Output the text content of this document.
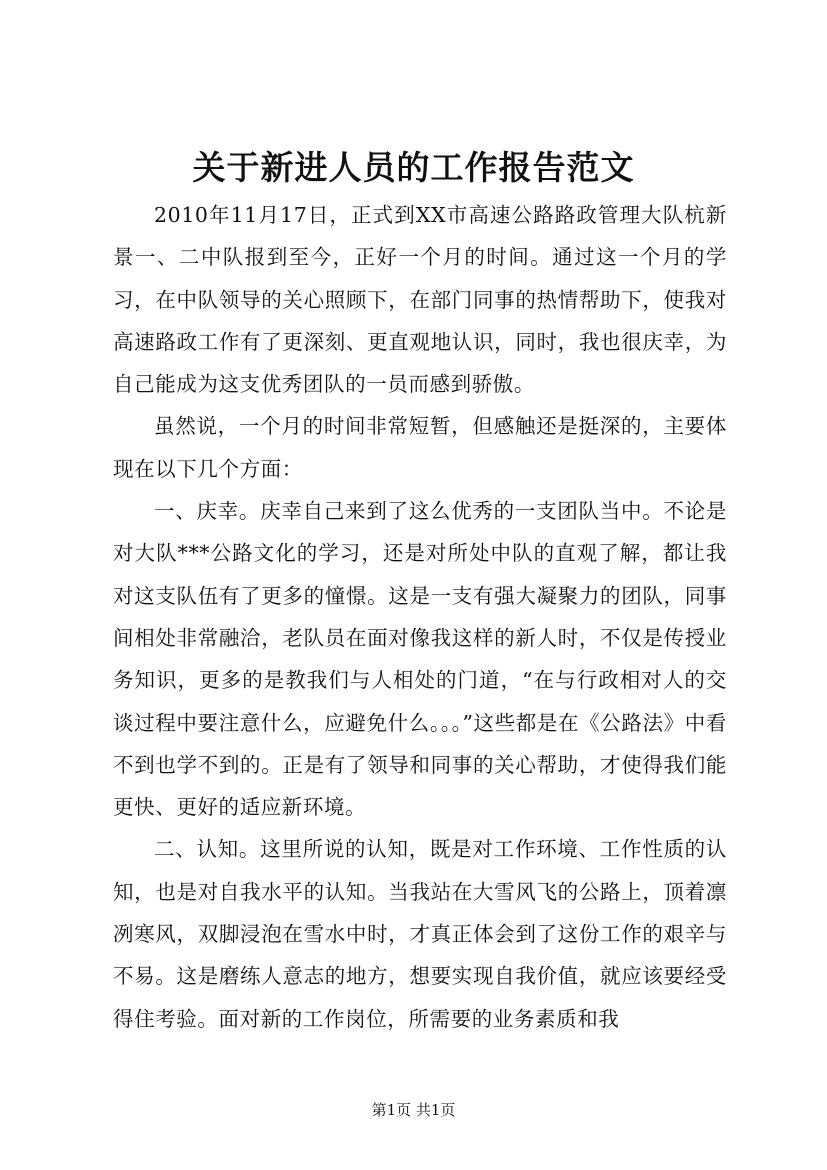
关于新进人员的工作报告范文

2010年11月17日，正式到XX市高速公路路政管理大队杭新景一、二中队报到至今，正好一个月的时间。通过这一个月的学习，在中队领导的关心照顾下，在部门同事的热情帮助下，使我对高速路政工作有了更深刻、更直观地认识，同时，我也很庆幸，为自己能成为这支优秀团队的一员而感到骄傲。

虽然说，一个月的时间非常短暂，但感触还是挺深的，主要体现在以下几个方面：

一、庆幸。庆幸自己来到了这么优秀的一支团队当中。不论是对大队***公路文化的学习，还是对所处中队的直观了解，都让我对这支队伍有了更多的憧憬。这是一支有强大凝聚力的团队，同事间相处非常融洽，老队员在面对像我这样的新人时，不仅是传授业务知识，更多的是教我们与人相处的门道，“在与行政相对人的交谈过程中要注意什么，应避免什么。。。”这些都是在《公路法》中看不到也学不到的。正是有了领导和同事的关心帮助，才使得我们能更快、更好的适应新环境。

二、认知。这里所说的认知，既是对工作环境、工作性质的认知，也是对自我水平的认知。当我站在大雪风飞的公路上，顶着凛冽寒风，双脚浸泡在雪水中时，才真正体会到了这份工作的艰辛与不易。这是磨练人意志的地方，想要实现自我价值，就应该要经受得住考验。面对新的工作岗位，所需要的业务素质和我

第1页 共1页
